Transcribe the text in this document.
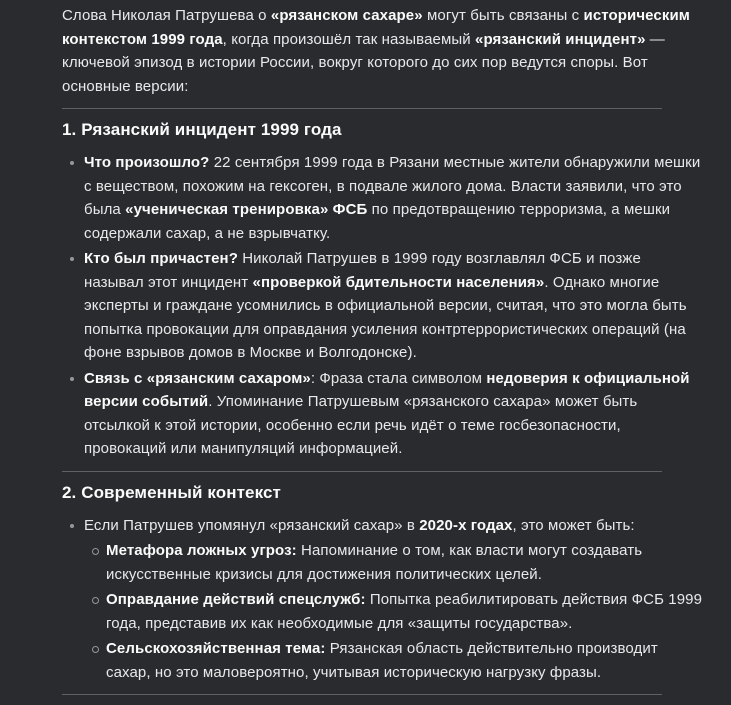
Слова Николая Патрушева о «рязанском сахаре» могут быть связаны с историческим контекстом 1999 года, когда произошёл так называемый «рязанский инцидент» — ключевой эпизод в истории России, вокруг которого до сих пор ведутся споры. Вот основные версии:

1. Рязанский инцидент 1999 года
Что произошло? 22 сентября 1999 года в Рязани местные жители обнаружили мешки с веществом, похожим на гексоген, в подвале жилого дома. Власти заявили, что это была «ученическая тренировка» ФСБ по предотвращению терроризма, а мешки содержали сахар, а не взрывчатку.
Кто был причастен? Николай Патрушев в 1999 году возглавлял ФСБ и позже называл этот инцидент «проверкой бдительности населения». Однако многие эксперты и граждане усомнились в официальной версии, считая, что это могла быть попытка провокации для оправдания усиления контртеррористических операций (на фоне взрывов домов в Москве и Волгодонске).
Связь с «рязанским сахаром»: Фраза стала символом недоверия к официальной версии событий. Упоминание Патрушевым «рязанского сахара» может быть отсылкой к этой истории, особенно если речь идёт о теме госбезопасности, провокаций или манипуляций информацией.
2. Современный контекст
Если Патрушев упомянул «рязанский сахар» в 2020-х годах, это может быть:
Метафора ложных угроз: Напоминание о том, как власти могут создавать искусственные кризисы для достижения политических целей.
Оправдание действий спецслужб: Попытка реабилитировать действия ФСБ 1999 года, представив их как необходимые для «защиты государства».
Сельскохозяйственная тема: Рязанская область действительно производит сахар, но это маловероятно, учитывая историческую нагрузку фразы.
